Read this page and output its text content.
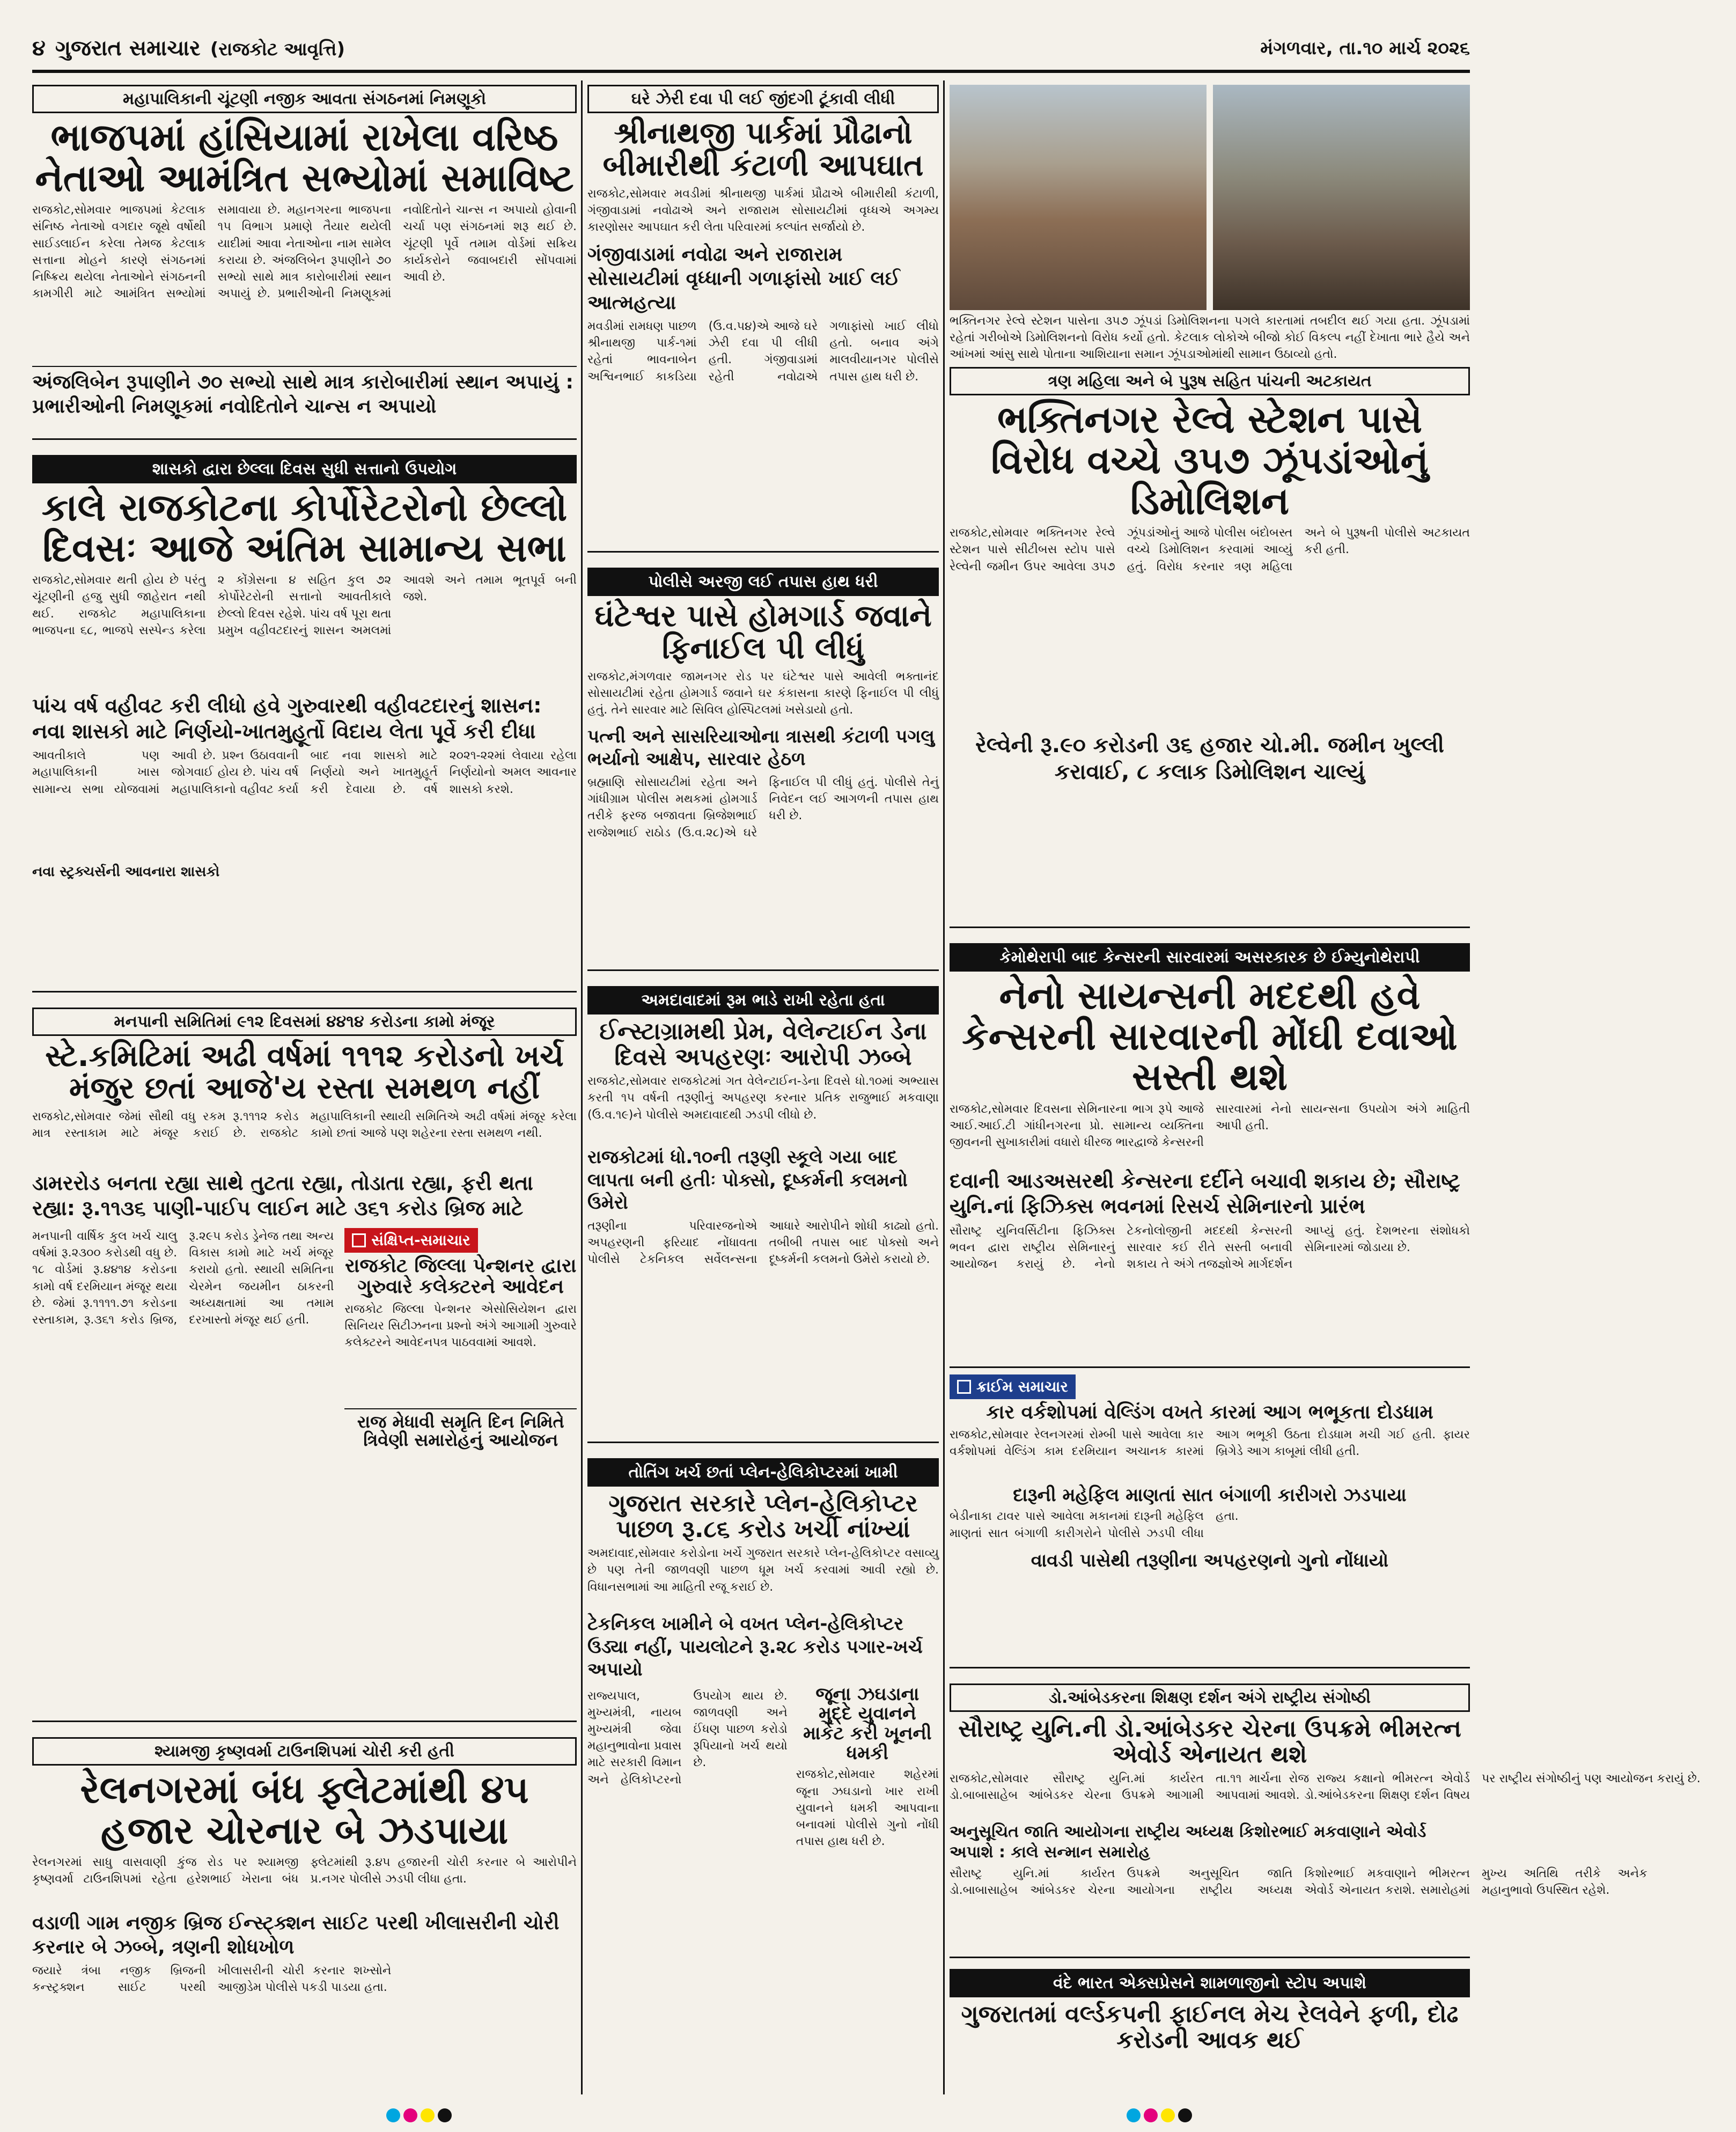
૪ ગુજરાત સમાચાર (રાજકોટ આવૃત્તિ)	મંગળવાર, તા.૧૦ માર્ચ ૨૦૨૬
મહાપાલિકાની ચૂંટણી નજીક આવતા સંગઠનમાં નિમણૂકો
ભાજપમાં હાંસિયામાં રાખેલા વરિષ્ઠ નેતાઓ આમંત્રિત સભ્યોમાં સમાવિષ્ટ
રાજકોટ,સોમવાર ભાજપમાં કેટલાક સંનિષ્ઠ નેતાઓ વગદાર જૂથે વર્ષોથી સાઈડલાઈન કરેલા તેમજ કેટલાક સત્તાના મોહને કારણે સંગઠનમાં નિષ્ક્રિય થયેલા નેતાઓને સંગઠનની કામગીરી માટે આમંત્રિત સભ્યોમાં સમાવાયા છે. મહાનગરના ભાજપના ૧૫ વિભાગ પ્રમાણે તૈયાર થયેલી યાદીમાં આવા નેતાઓના નામ સામેલ કરાયા છે. અંજલિબેન રૂપાણીને ૭૦ સભ્યો સાથે માત્ર કારોબારીમાં સ્થાન અપાયું છે. પ્રભારીઓની નિમણૂકમાં નવોદિતોને ચાન્સ ન અપાયો હોવાની ચર્ચા પણ સંગઠનમાં શરૂ થઈ છે. ચૂંટણી પૂર્વે તમામ વોર્ડમાં સક્રિય કાર્યકરોને જવાબદારી સોંપવામાં આવી છે.
અંજલિબેન રૂપાણીને ૭૦ સભ્યો સાથે માત્ર કારોબારીમાં સ્થાન અપાયું : પ્રભારીઓની નિમણૂકમાં નવોદિતોને ચાન્સ ન અપાયો
શાસકો દ્વારા છેલ્લા દિવસ સુધી સત્તાનો ઉપયોગ
કાલે રાજકોટના કોર્પોરેટરોનો છેલ્લો દિવસઃ આજે અંતિમ સામાન્ય સભા
રાજકોટ,સોમવાર થતી હોય છે પરંતુ ચૂંટણીની હજુ સુધી જાહેરાત નથી થઈ. રાજકોટ મહાપાલિકાના ભાજપના ૬૮, ભાજપે સસ્પેન્ડ કરેલા ૨ કોંગ્રેસના ૪ સહિત કુલ ૭૨ કોર્પોરેટરોની સત્તાનો આવતીકાલે છેલ્લો દિવસ રહેશે. પાંચ વર્ષ પૂરા થતા પ્રમુખ વહીવટદારનું શાસન અમલમાં આવશે અને તમામ ભૂતપૂર્વ બની જશે.
પાંચ વર્ષ વહીવટ કરી લીધો હવે ગુરુવારથી વહીવટદારનું શાસન: નવા શાસકો માટે નિર્ણયો-ખાતમુહૂર્તો વિદાય લેતા પૂર્વે કરી દીધા
આવતીકાલે પણ મહાપાલિકાની ખાસ સામાન્ય સભા યોજવામાં આવી છે. પ્રશ્ન ઉઠાવવાની જોગવાઈ હોય છે. પાંચ વર્ષ મહાપાલિકાનો વહીવટ કર્યા બાદ નવા શાસકો માટે નિર્ણયો અને ખાતમુહૂર્ત કરી દેવાયા છે. વર્ષ ૨૦૨૧-૨૨માં લેવાયા રહેલા નિર્ણયોનો અમલ આવનાર શાસકો કરશે.
નવા સ્ટ્રક્ચર્સની આવનારા શાસકો
મનપાની સમિતિમાં ૯૧૨ દિવસમાં ૪૪૧૪ કરોડના કામો મંજૂર
સ્ટે.કમિટિમાં અઢી વર્ષમાં ૧૧૧૨ કરોડનો ખર્ચ મંજુર છતાં આજે'ય રસ્તા સમથળ નહીં
રાજકોટ,સોમવાર જેમાં સૌથી વધુ રકમ રૂ.૧૧૧૨ કરોડ માત્ર રસ્તાકામ માટે મંજૂર કરાઈ છે. રાજકોટ મહાપાલિકાની સ્થાયી સમિતિએ અઢી વર્ષમાં મંજૂર કરેલા કામો છતાં આજે પણ શહેરના રસ્તા સમથળ નથી.
ડામરરોડ બનતા રહ્યા સાથે તુટતા રહ્યા, તોડાતા રહ્યા, ફરી થતા રહ્યા: રૂ.૧૧૩૬ પાણી-પાઈપ લાઈન માટે ૩૬૧ કરોડ બ્રિજ માટે
મનપાની વાર્ષિક કુલ ખર્ચ ચાલુ વર્ષમાં રૂ.૨૩૦૦ કરોડથી વધુ છે. ૧૮ વોર્ડમાં રૂ.૪૪૧૪ કરોડના કામો વર્ષ દરમિયાન મંજૂર થયા છે. જેમાં રૂ.૧૧૧૧.૭૧ કરોડના રસ્તાકામ, રૂ.૩૬૧ કરોડ બ્રિજ, રૂ.૨૯૫ કરોડ ડ્રેનેજ તથા અન્ય વિકાસ કામો માટે ખર્ચ મંજૂર કરાયો હતો. સ્થાયી સમિતિના ચેરમેન જયમીન ઠાકરની અધ્યક્ષતામાં આ તમામ દરખાસ્તો મંજૂર થઈ હતી.
સંક્ષિપ્ત-સમાચાર
રાજકોટ જિલ્લા પેન્શનર દ્વારા ગુરુવારે કલેક્ટરને આવેદન
રાજકોટ જિલ્લા પેન્શનર એસોસિયેશન દ્વારા સિનિયર સિટીઝનના પ્રશ્નો અંગે આગામી ગુરુવારે કલેક્ટરને આવેદનપત્ર પાઠવવામાં આવશે.
રાજ મેધાવી સમૃતિ દિન નિમિતે ત્રિવેણી સમારોહનું આયોજન
શ્યામજી કૃષ્ણવર્મા ટાઉનશિપમાં ચોરી કરી હતી
રેલનગરમાં બંધ ફ્લેટમાંથી ૪૫ હજાર ચોરનાર બે ઝડપાયા
રેલનગરમાં સાધુ વાસવાણી કુંજ રોડ પર શ્યામજી કૃષ્ણવર્મા ટાઉનશિપમાં રહેતા હરેશભાઈ ખેરાના બંધ ફ્લેટમાંથી રૂ.૪૫ હજારની ચોરી કરનાર બે આરોપીને પ્ર.નગર પોલીસે ઝડપી લીધા હતા.
વડાળી ગામ નજીક બ્રિજ ઈન્સ્ટ્ક્શન સાઈટ પરથી ખીલાસરીની ચોરી કરનાર બે ઝબ્બે, ત્રણની શોધખોળ
જયારે ત્રંબા નજીક બ્રિજની કન્સ્ટ્રક્શન સાઈટ પરથી ખીલાસરીની ચોરી કરનાર શખ્સોને આજીડેમ પોલીસે પકડી પાડયા હતા.
ઘરે ઝેરી દવા પી લઈ જીંદગી ટૂંકાવી લીધી
શ્રીનાથજી પાર્કમાં પ્રૌઢાનો બીમારીથી કંટાળી આપઘાત
રાજકોટ,સોમવાર મવડીમાં શ્રીનાથજી પાર્કમાં પ્રૌઢાએ બીમારીથી કંટાળી, ગંજીવાડામાં નવોઢાએ અને રાજારામ સોસાયટીમાં વૃધ્ધએ અગમ્ય કારણોસર આપઘાત કરી લેતા પરિવારમાં કલ્પાંત સર્જાયો છે.
ગંજીવાડામાં નવોઢા અને રાજારામ સોસાયટીમાં વૃધ્ધાની ગળાફાંસો ખાઈ લઈ આત્મહત્યા
મવડીમાં રામધણ પાછળ શ્રીનાથજી પાર્ક-૧માં રહેતાં ભાવનાબેન અશ્વિનભાઈ કાકડિયા (ઉ.વ.૫૪)એ આજે ઘરે ઝેરી દવા પી લીધી હતી. ગંજીવાડામાં રહેતી નવોઢાએ ગળાફાંસો ખાઈ લીધો હતો. બનાવ અંગે માલવીયાનગર પોલીસે તપાસ હાથ ધરી છે.
પોલીસે અરજી લઈ તપાસ હાથ ધરી
ઘંટેશ્વર પાસે હોમગાર્ડ જવાને ફિનાઈલ પી લીધું
રાજકોટ,મંગળવાર જામનગર રોડ પર ઘંટેશ્વર પાસે આવેલી ભક્તાનંદ સોસાયટીમાં રહેતા હોમગાર્ડ જવાને ઘર કંકાસના કારણે ફિનાઈલ પી લીધું હતું. તેને સારવાર માટે સિવિલ હોસ્પિટલમાં ખસેડાયો હતો.
પત્ની અને સાસરિયાઓના ત્રાસથી કંટાળી પગલુ ભર્યાનો આક્ષેપ, સારવાર હેઠળ
બ્રહ્માણિ સોસાયટીમાં રહેતા અને ગાંધીગ્રામ પોલીસ મથકમાં હોમગાર્ડ તરીકે ફરજ બજાવતા બ્રિજેશભાઈ રાજેશભાઈ રાઠોડ (ઉ.વ.૨૮)એ ઘરે ફિનાઈલ પી લીધું હતું. પોલીસે તેનું નિવેદન લઈ આગળની તપાસ હાથ ધરી છે.
અમદાવાદમાં રૂમ ભાડે રાખી રહેતા હતા
ઈન્સ્ટાગ્રામથી પ્રેમ, વેલેન્ટાઈન ડેના દિવસે અપહરણઃ આરોપી ઝબ્બે
રાજકોટ,સોમવાર રાજકોટમાં ગત વેલેન્ટાઈન-ડેના દિવસે ધો.૧૦માં અભ્યાસ કરતી ૧૫ વર્ષની તરૂણીનું અપહરણ કરનાર પ્રતિક રાજુભાઈ મકવાણા (ઉ.વ.૧૯)ને પોલીસે અમદાવાદથી ઝડપી લીધો છે.
રાજકોટમાં ધો.૧૦ની તરૂણી સ્કૂલે ગયા બાદ લાપતા બની હતીઃ પોક્સો, દૂષ્કર્મની કલમનો ઉમેરો
તરૂણીના પરિવારજનોએ અપહરણની ફરિયાદ નોંધાવતા પોલીસે ટેકનિકલ સર્વેલન્સના આધારે આરોપીને શોધી કાઢ્યો હતો. તબીબી તપાસ બાદ પોક્સો અને દૂષ્કર્મની કલમનો ઉમેરો કરાયો છે.
તોતિંગ ખર્ચ છતાં પ્લેન-હેલિકોપ્ટરમાં ખામી
ગુજરાત સરકારે પ્લેન-હેલિકોપ્ટર પાછળ રૂ.૮૬ કરોડ ખર્ચી નાંખ્યાં
અમદાવાદ,સોમવાર કરોડોના ખર્ચે ગુજરાત સરકારે પ્લેન-હેલિકોપ્ટર વસાવ્યુ છે પણ તેની જાળવણી પાછળ ધૂમ ખર્ચ કરવામાં આવી રહ્યો છે. વિધાનસભામાં આ માહિતી રજૂ કરાઈ છે.
ટેકનિકલ ખામીને બે વખત પ્લેન-હેલિકોપ્ટર ઉડ્યા નહીં, પાયલોટને રૂ.૨૮ કરોડ પગાર-ખર્ચ અપાયો
રાજ્યપાલ, મુખ્યમંત્રી, નાયબ મુખ્યમંત્રી જેવા મહાનુભાવોના પ્રવાસ માટે સરકારી વિમાન અને હેલિકોપ્ટરનો ઉપયોગ થાય છે. જાળવણી અને ઈંધણ પાછળ કરોડો રૂપિયાનો ખર્ચ થયો છે.
જૂના ઝઘડાના મુદ્દે યુવાનને માર્કેટ કરી ખૂનની ધમકી
રાજકોટ,સોમવાર શહેરમાં જૂના ઝઘડાનો ખાર રાખી યુવાનને ધમકી આપવાના બનાવમાં પોલીસે ગુનો નોંધી તપાસ હાથ ધરી છે.
ભક્તિનગર રેલ્વે સ્ટેશન પાસેના ૩૫૭ ઝૂંપડાં ડિમોલિશનના પગલે કારતામાં તબદીલ થઈ ગયા હતા. ઝૂંપડામાં રહેતાં ગરીબોએ ડિમોલિશનનો વિરોધ કર્યો હતો. કેટલાક લોકોએ બીજો કોઈ વિકલ્પ નહીં દેખાતા ભારે હૈયે અને આંખમાં આંસુ સાથે પોતાના આશિયાના સમાન ઝૂંપડાઓમાંથી સામાન ઉઠાવ્યો હતો.
ત્રણ મહિલા અને બે પુરૂષ સહિત પાંચની અટકાયત
ભક્તિનગર રેલ્વે સ્ટેશન પાસે વિરોધ વચ્ચે ૩૫૭ ઝૂંપડાંઓનું ડિમોલિશન
રાજકોટ,સોમવાર ભક્તિનગર રેલ્વે સ્ટેશન પાસે સીટીબસ સ્ટોપ પાસે રેલ્વેની જમીન ઉપર આવેલા ૩૫૭ ઝૂંપડાંઓનું આજે પોલીસ બંદોબસ્ત વચ્ચે ડિમોલિશન કરવામાં આવ્યું હતું. વિરોધ કરનાર ત્રણ મહિલા અને બે પુરૂષની પોલીસે અટકાયત કરી હતી.
રેલ્વેની રૂ.૯૦ કરોડની ૩૬ હજાર ચો.મી. જમીન ખુલ્લી કરાવાઈ, ૮ કલાક ડિમોલિશન ચાલ્યું
કેમોથેરાપી બાદ કેન્સરની સારવારમાં અસરકારક છે ઈમ્યુનોથેરાપી
નેનો સાયન્સની મદદથી હવે કેન્સરની સારવારની મોંઘી દવાઓ સસ્તી થશે
રાજકોટ,સોમવાર દિવસના સેમિનારના ભાગ રૂપે આજે આઈ.આઈ.ટી ગાંધીનગરના પ્રો. સામાન્ય વ્યક્તિના જીવનની સુખાકારીમાં વધારો ધીરજ ભારદ્વાજે કેન્સરની સારવારમાં નેનો સાયન્સના ઉપયોગ અંગે માહિતી આપી હતી.
દવાની આડઅસરથી કેન્સરના દર્દીને બચાવી શકાય છે; સૌરાષ્ટ્ર યુનિ.નાં ફિઝિક્સ ભવનમાં રિસર્ચ સેમિનારનો પ્રારંભ
સૌરાષ્ટ્ર યુનિવર્સિટીના ફિઝિક્સ ભવન દ્વારા રાષ્ટ્રીય સેમિનારનું આયોજન કરાયું છે. નેનો ટેકનોલોજીની મદદથી કેન્સરની સારવાર કઈ રીતે સસ્તી બનાવી શકાય તે અંગે તજજ્ઞોએ માર્ગદર્શન આપ્યું હતું. દેશભરના સંશોધકો સેમિનારમાં જોડાયા છે.
ક્રાઈમ સમાચાર
કાર વર્કશોપમાં વેલ્ડિંગ વખતે કારમાં આગ ભભૂકતા દોડધામ
રાજકોટ,સોમવાર રેલનગરમાં રોમ્બી પાસે આવેલા કાર વર્કશોપમાં વેલ્ડિંગ કામ દરમિયાન અચાનક કારમાં આગ ભભૂકી ઉઠતા દોડધામ મચી ગઈ હતી. ફાયર બ્રિગેડે આગ કાબૂમાં લીધી હતી.
દારૂની મહેફિલ માણતાં સાત બંગાળી કારીગરો ઝડપાયા
બેડીનાકા ટાવર પાસે આવેલા મકાનમાં દારૂની મહેફિલ માણતાં સાત બંગાળી કારીગરોને પોલીસે ઝડપી લીધા હતા.
વાવડી પાસેથી તરૂણીના અપહરણનો ગુનો નોંધાયો
ડો.આંબેડકરના શિક્ષણ દર્શન અંગે રાષ્ટ્રીય સંગોષ્ઠી
સૌરાષ્ટ્ર યુનિ.ની ડો.આંબેડકર ચેરના ઉપક્રમે ભીમરત્ન એવોર્ડ એનાયત થશે
રાજકોટ,સોમવાર સૌરાષ્ટ્ર યુનિ.માં કાર્યરત ડો.બાબાસાહેબ આંબેડકર ચેરના ઉપક્રમે આગામી તા.૧૧ માર્ચના રોજ રાજ્ય કક્ષાનો ભીમરત્ન એવોર્ડ આપવામાં આવશે. ડો.આંબેડકરના શિક્ષણ દર્શન વિષય પર રાષ્ટ્રીય સંગોષ્ઠીનું પણ આયોજન કરાયું છે.
અનુસૂચિત જાતિ આયોગના રાષ્ટ્રીય અધ્યક્ષ કિશોરભાઈ મકવાણાને એવોર્ડ અપાશે : કાલે સન્માન સમારોહ
સૌરાષ્ટ્ર યુનિ.માં કાર્યરત ડો.બાબાસાહેબ આંબેડકર ચેરના ઉપક્રમે અનુસૂચિત જાતિ આયોગના રાષ્ટ્રીય અધ્યક્ષ કિશોરભાઈ મકવાણાને ભીમરત્ન એવોર્ડ એનાયત કરાશે. સમારોહમાં મુખ્ય અતિથિ તરીકે અનેક મહાનુભાવો ઉપસ્થિત રહેશે.
વંદે ભારત એક્સપ્રેસને શામળાજીનો સ્ટોપ અપાશે
ગુજરાતમાં વર્લ્ડકપની ફાઈનલ મેચ રેલવેને ફળી, દોઢ કરોડની આવક થઈ
